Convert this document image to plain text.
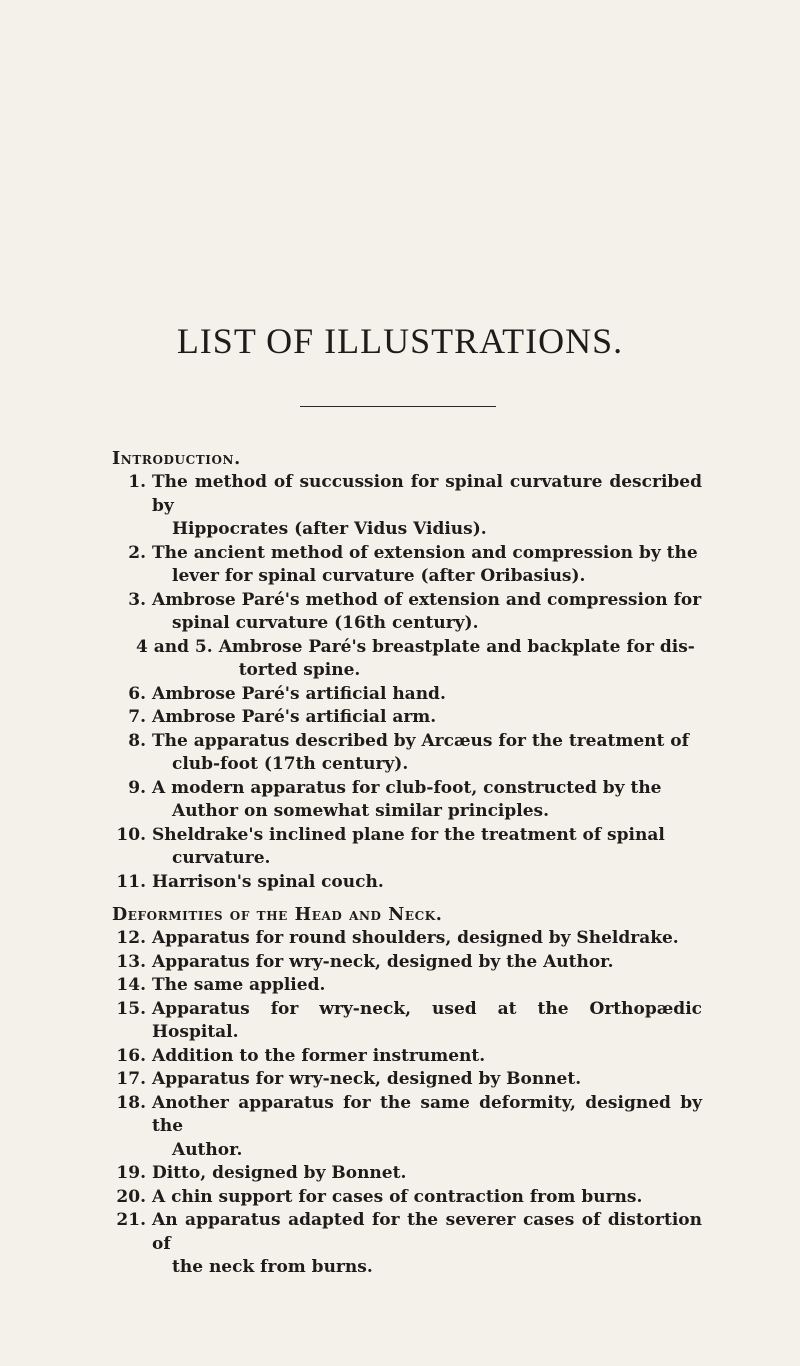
LIST OF ILLUSTRATIONS.
Introduction.
1. The method of succussion for spinal curvature described by
Hippocrates (after Vidus Vidius).
2. The ancient method of extension and compression by the
lever for spinal curvature (after Oribasius).
3. Ambrose Paré's method of extension and compression for
spinal curvature (16th century).
4 and 5. Ambrose Paré's breastplate and backplate for dis-
torted spine.
6. Ambrose Paré's artificial hand.
7. Ambrose Paré's artificial arm.
8. The apparatus described by Arcæus for the treatment of
club-foot (17th century).
9. A modern apparatus for club-foot, constructed by the
Author on somewhat similar principles.
10. Sheldrake's inclined plane for the treatment of spinal
curvature.
11. Harrison's spinal couch.
Deformities of the Head and Neck.
12. Apparatus for round shoulders, designed by Sheldrake.
13. Apparatus for wry-neck, designed by the Author.
14. The same applied.
15. Apparatus for wry-neck, used at the Orthopædic Hospital.
16. Addition to the former instrument.
17. Apparatus for wry-neck, designed by Bonnet.
18. Another apparatus for the same deformity, designed by the
Author.
19. Ditto, designed by Bonnet.
20. A chin support for cases of contraction from burns.
21. An apparatus adapted for the severer cases of distortion of
the neck from burns.
